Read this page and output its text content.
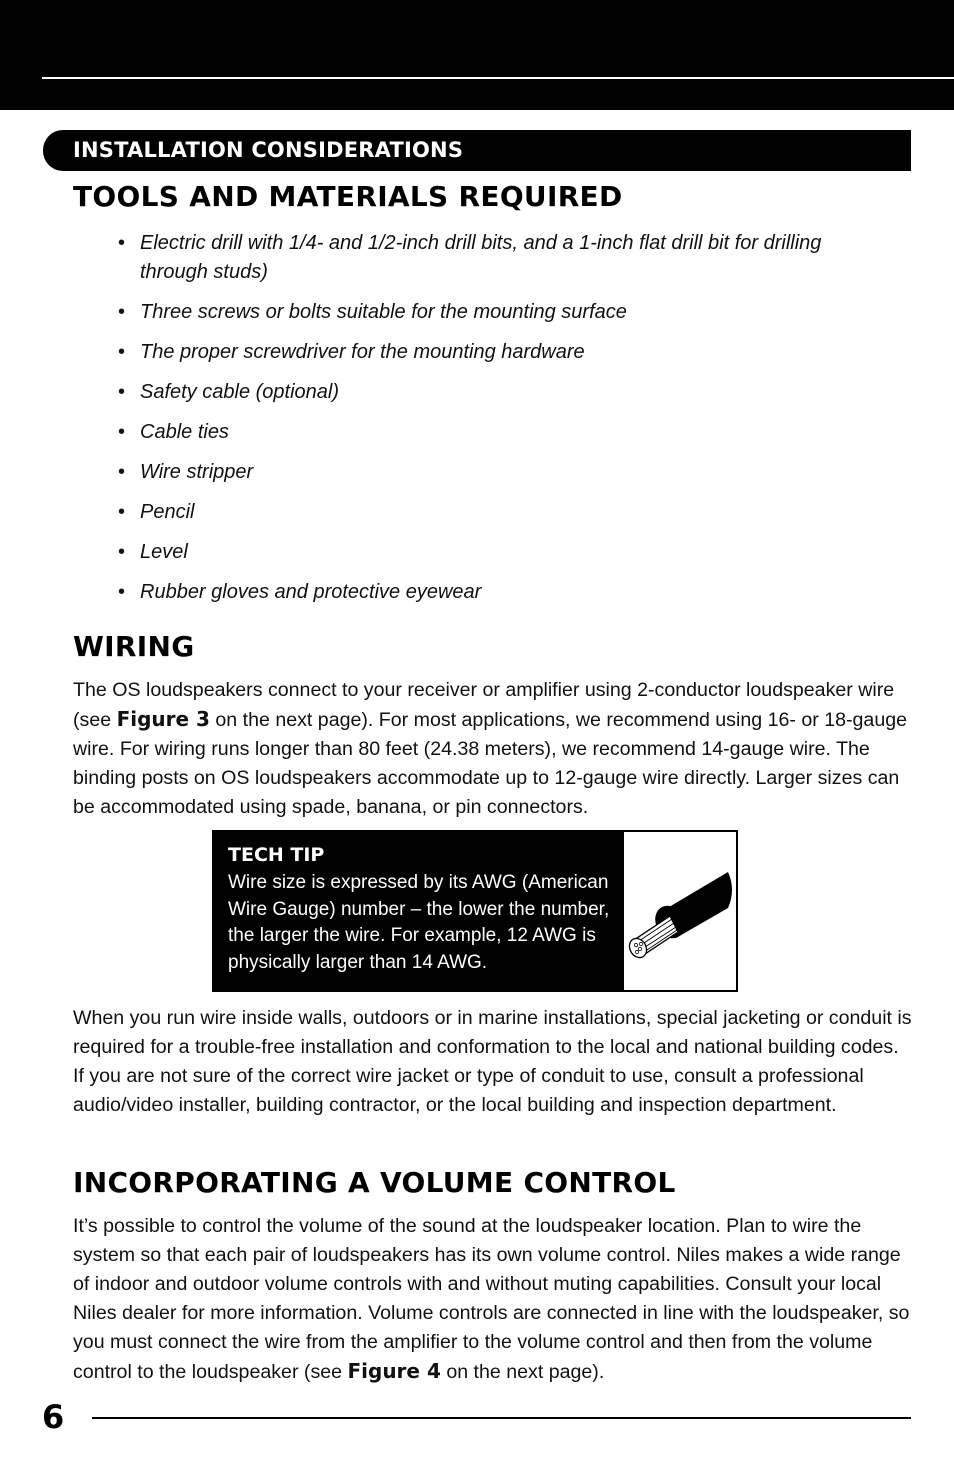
INSTALLATION CONSIDERATIONS
TOOLS AND MATERIALS REQUIRED
• Electric drill with 1/4- and 1/2-inch drill bits, and a 1-inch flat drill bit for drilling through studs)
• Three screws or bolts suitable for the mounting surface
• The proper screwdriver for the mounting hardware
• Safety cable (optional)
• Cable ties
• Wire stripper
• Pencil
• Level
• Rubber gloves and protective eyewear
WIRING

The OS loudspeakers connect to your receiver or amplifier using 2-conductor loudspeaker wire (see Figure 3 on the next page). For most applications, we recommend using 16- or 18-gauge wire. For wiring runs longer than 80 feet (24.38 meters), we recommend 14-gauge wire. The binding posts on OS loudspeakers accommodate up to 12-gauge wire directly. Larger sizes can be accommodated using spade, banana, or pin connectors.

TECH TIP

Wire size is expressed by its AWG (American Wire Gauge) number – the lower the number, the larger the wire. For example, 12 AWG is physically larger than 14 AWG.

When you run wire inside walls, outdoors or in marine installations, special jacketing or conduit is required for a trouble-free installation and conformation to the local and national building codes. If you are not sure of the correct wire jacket or type of conduit to use, consult a professional audio/video installer, building contractor, or the local building and inspection department.

INCORPORATING A VOLUME CONTROL

It’s possible to control the volume of the sound at the loudspeaker location. Plan to wire the system so that each pair of loudspeakers has its own volume control. Niles makes a wide range of indoor and outdoor volume controls with and without muting capabilities. Consult your local Niles dealer for more information. Volume controls are connected in line with the loudspeaker, so you must connect the wire from the amplifier to the volume control and then from the volume control to the loudspeaker (see Figure 4 on the next page).

6
